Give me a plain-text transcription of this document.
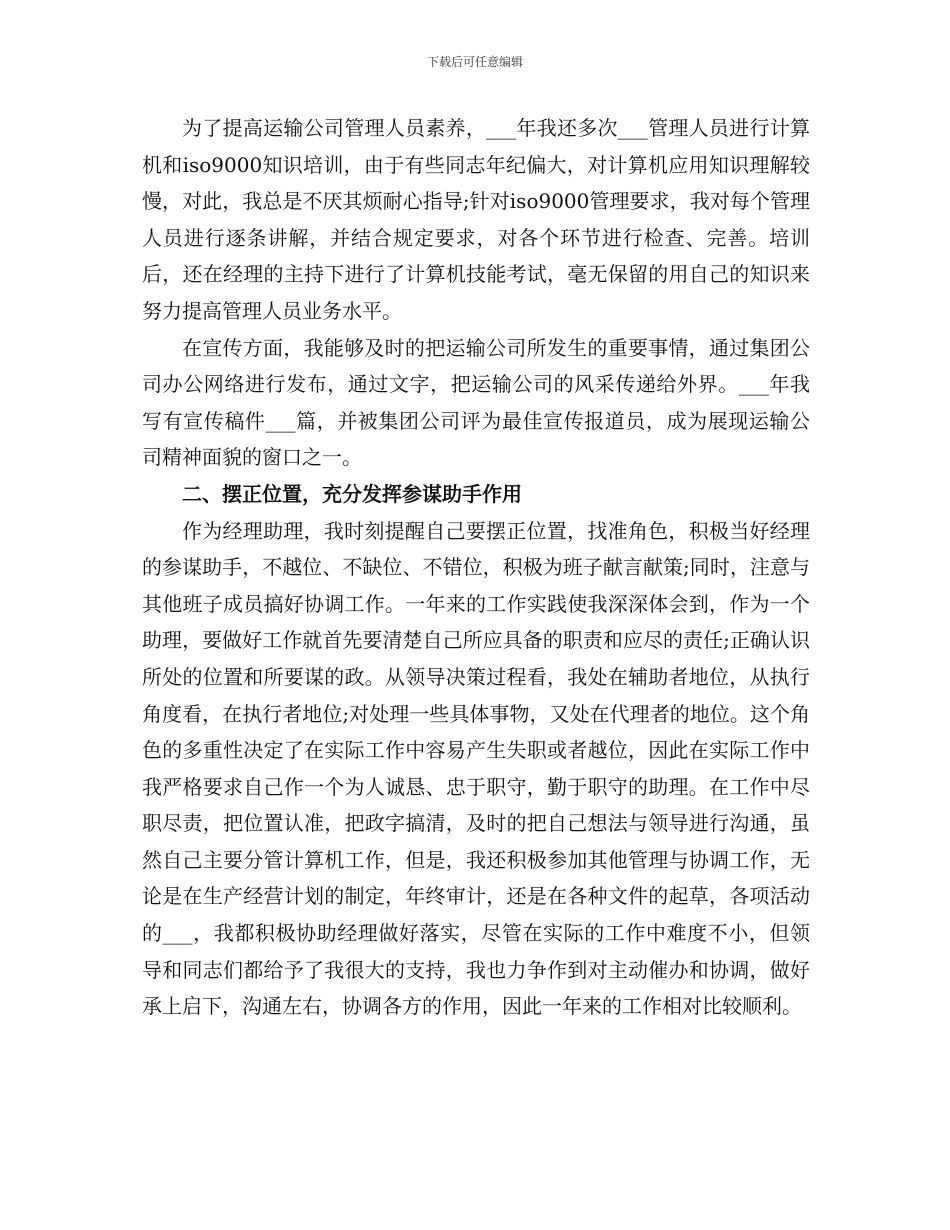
下载后可任意编辑

为了提高运输公司管理人员素养，___年我还多次___管理人员进行计算机和iso9000知识培训，由于有些同志年纪偏大，对计算机应用知识理解较慢，对此，我总是不厌其烦耐心指导;针对iso9000管理要求，我对每个管理人员进行逐条讲解，并结合规定要求，对各个环节进行检查、完善。培训后，还在经理的主持下进行了计算机技能考试，毫无保留的用自己的知识来努力提高管理人员业务水平。

在宣传方面，我能够及时的把运输公司所发生的重要事情，通过集团公司办公网络进行发布，通过文字，把运输公司的风采传递给外界。___年我写有宣传稿件___篇，并被集团公司评为最佳宣传报道员，成为展现运输公司精神面貌的窗口之一。

二、摆正位置，充分发挥参谋助手作用

作为经理助理，我时刻提醒自己要摆正位置，找准角色，积极当好经理的参谋助手，不越位、不缺位、不错位，积极为班子献言献策;同时，注意与其他班子成员搞好协调工作。一年来的工作实践使我深深体会到，作为一个助理，要做好工作就首先要清楚自己所应具备的职责和应尽的责任;正确认识所处的位置和所要谋的政。从领导决策过程看，我处在辅助者地位，从执行角度看，在执行者地位;对处理一些具体事物，又处在代理者的地位。这个角色的多重性决定了在实际工作中容易产生失职或者越位，因此在实际工作中我严格要求自己作一个为人诚恳、忠于职守，勤于职守的助理。在工作中尽职尽责，把位置认准，把政字搞清，及时的把自己想法与领导进行沟通，虽然自己主要分管计算机工作，但是，我还积极参加其他管理与协调工作，无论是在生产经营计划的制定，年终审计，还是在各种文件的起草，各项活动的___，我都积极协助经理做好落实，尽管在实际的工作中难度不小，但领导和同志们都给予了我很大的支持，我也力争作到对主动催办和协调，做好承上启下，沟通左右，协调各方的作用，因此一年来的工作相对比较顺利。
